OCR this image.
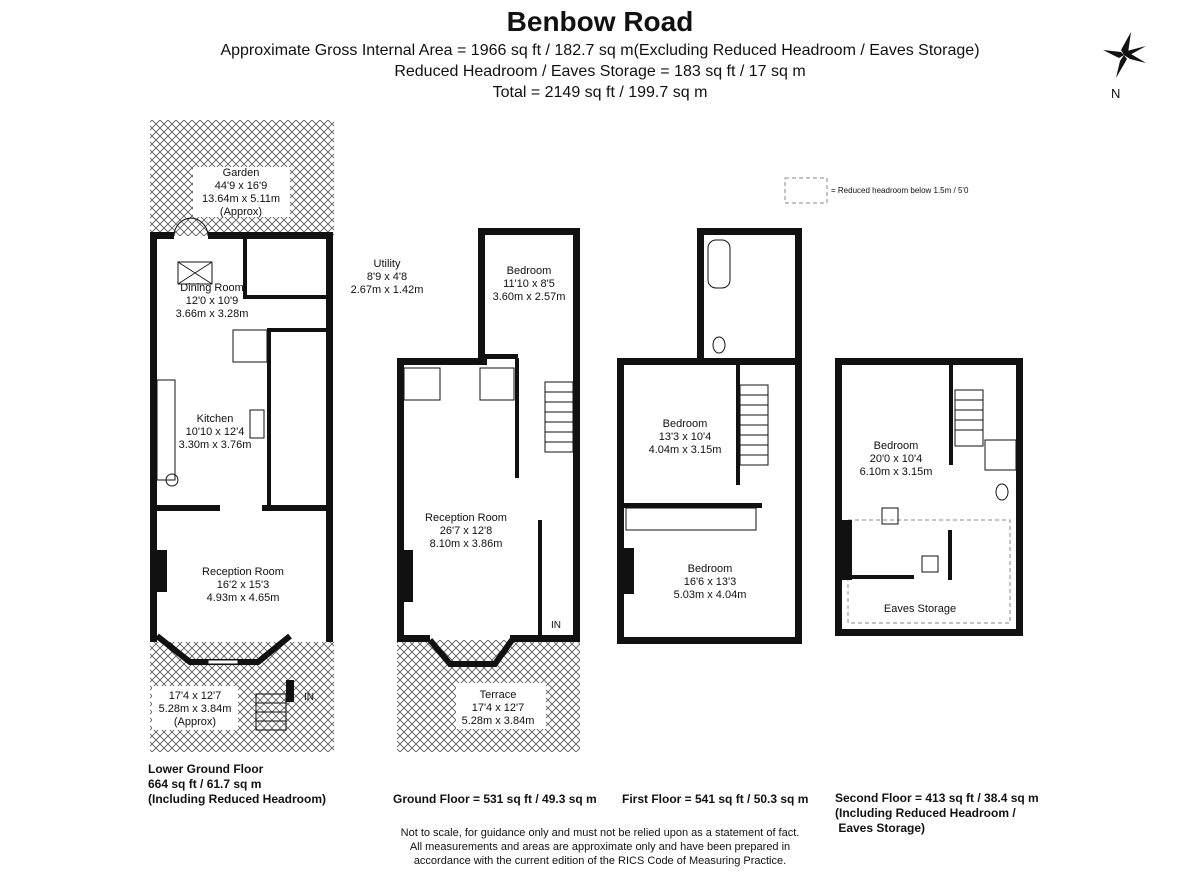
Benbow Road
Approximate Gross Internal Area = 1966 sq ft / 182.7 sq m(Excluding Reduced Headroom / Eaves Storage)
Reduced Headroom / Eaves Storage = 183 sq ft / 17 sq m
Total = 2149 sq ft / 199.7 sq m	N
= Reduced headroom below 1.5m / 5'0
Garden
44'9 x 16'9
13.64m x 5.11m
(Approx)
Utility
8'9 x 4'8
2.67m x 1.42m
Dining Room
12'0 x 10'9
3.66m x 3.28m
Kitchen
10'10 x 12'4
3.30m x 3.76m
Reception Room
16'2 x 15'3
4.93m x 4.65m
17'4 x 12'7
5.28m x 3.84m
(Approx)
IN
Bedroom
11'10 x 8'5
3.60m x 2.57m
Reception Room
26'7 x 12'8
8.10m x 3.86m
Terrace
17'4 x 12'7
5.28m x 3.84m
IN
Bedroom
13'3 x 10'4
4.04m x 3.15m
Bedroom
16'6 x 13'3
5.03m x 4.04m
Bedroom
20'0 x 10'4
6.10m x 3.15m
Eaves Storage
Lower Ground Floor
664 sq ft / 61.7 sq m
(Including Reduced Headroom)	Ground Floor = 531 sq ft / 49.3 sq m First Floor = 541 sq ft / 50.3 sq m

Second Floor = 413 sq ft / 38.4 sq m
(Including Reduced Headroom /
Eaves Storage)

Not to scale, for guidance only and must not be relied upon as a statement of fact.
All measurements and areas are approximate only and have been prepared in
accordance with the current edition of the RICS Code of Measuring Practice.
